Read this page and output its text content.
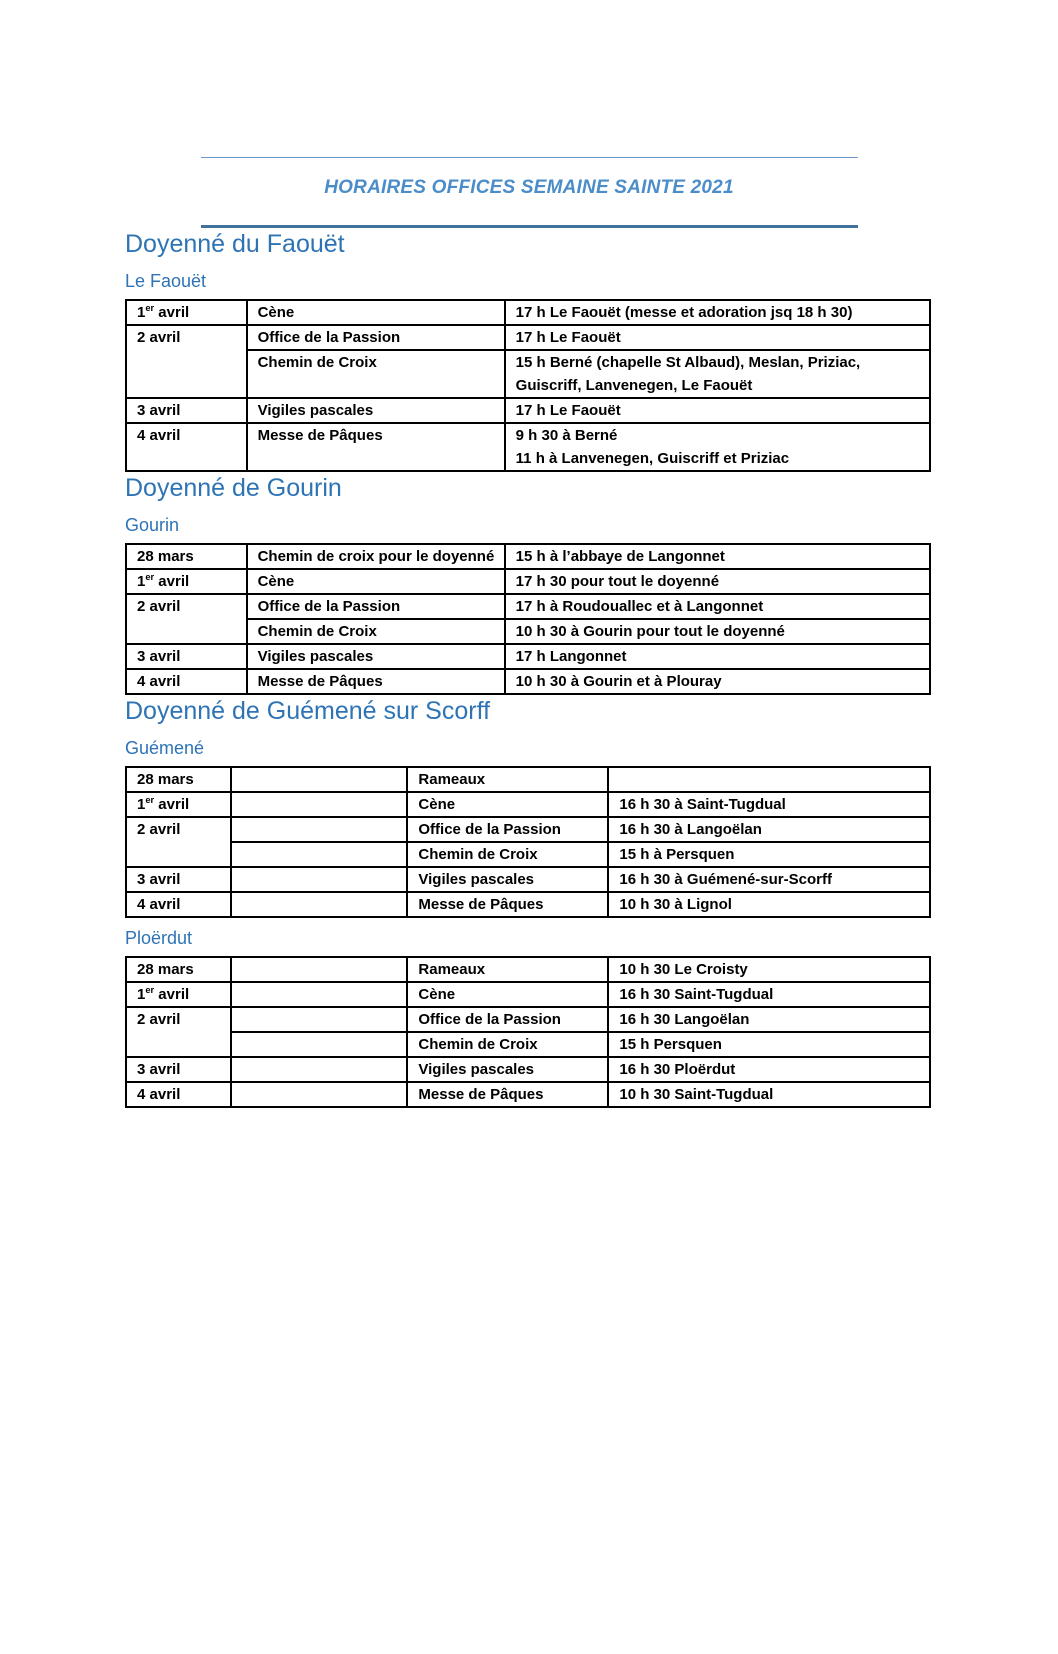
HORAIRES OFFICES SEMAINE SAINTE 2021
Doyenné du Faouët
Le Faouët
1er avril	Cène	17 h Le Faouët (messe et adoration jsq 18 h 30)
2 avril	Office de la Passion	17 h Le Faouët
	Chemin de Croix	15 h Berné (chapelle St Albaud), Meslan, Priziac, Guiscriff, Lanvenegen, Le Faouët
3 avril	Vigiles pascales	17 h Le Faouët
4 avril	Messe de Pâques	9 h 30 à Berné
11 h à Lanvenegen, Guiscriff et Priziac
Doyenné de Gourin
Gourin
28 mars	Chemin de croix pour le doyenné	15 h à l’abbaye de Langonnet
1er avril	Cène	17 h 30 pour tout le doyenné
2 avril	Office de la Passion	17 h à Roudouallec et à Langonnet
	Chemin de Croix	10 h 30 à Gourin pour tout le doyenné
3 avril	Vigiles pascales	17 h Langonnet
4 avril	Messe de Pâques	10 h 30 à Gourin et à Plouray
Doyenné de Guémené sur Scorff
Guémené
28 mars		Rameaux	
1er avril		Cène	16 h 30 à Saint-Tugdual
2 avril		Office de la Passion	16 h 30 à Langoëlan
		Chemin de Croix	15 h à Persquen
3 avril		Vigiles pascales	16 h 30 à Guémené-sur-Scorff
4 avril		Messe de Pâques	10 h 30 à Lignol
Ploërdut
28 mars		Rameaux	10 h 30 Le Croisty
1er avril		Cène	16 h 30 Saint-Tugdual
2 avril		Office de la Passion	16 h 30 Langoëlan
		Chemin de Croix	15 h Persquen
3 avril		Vigiles pascales	16 h 30 Ploërdut
4 avril		Messe de Pâques	10 h 30 Saint-Tugdual
